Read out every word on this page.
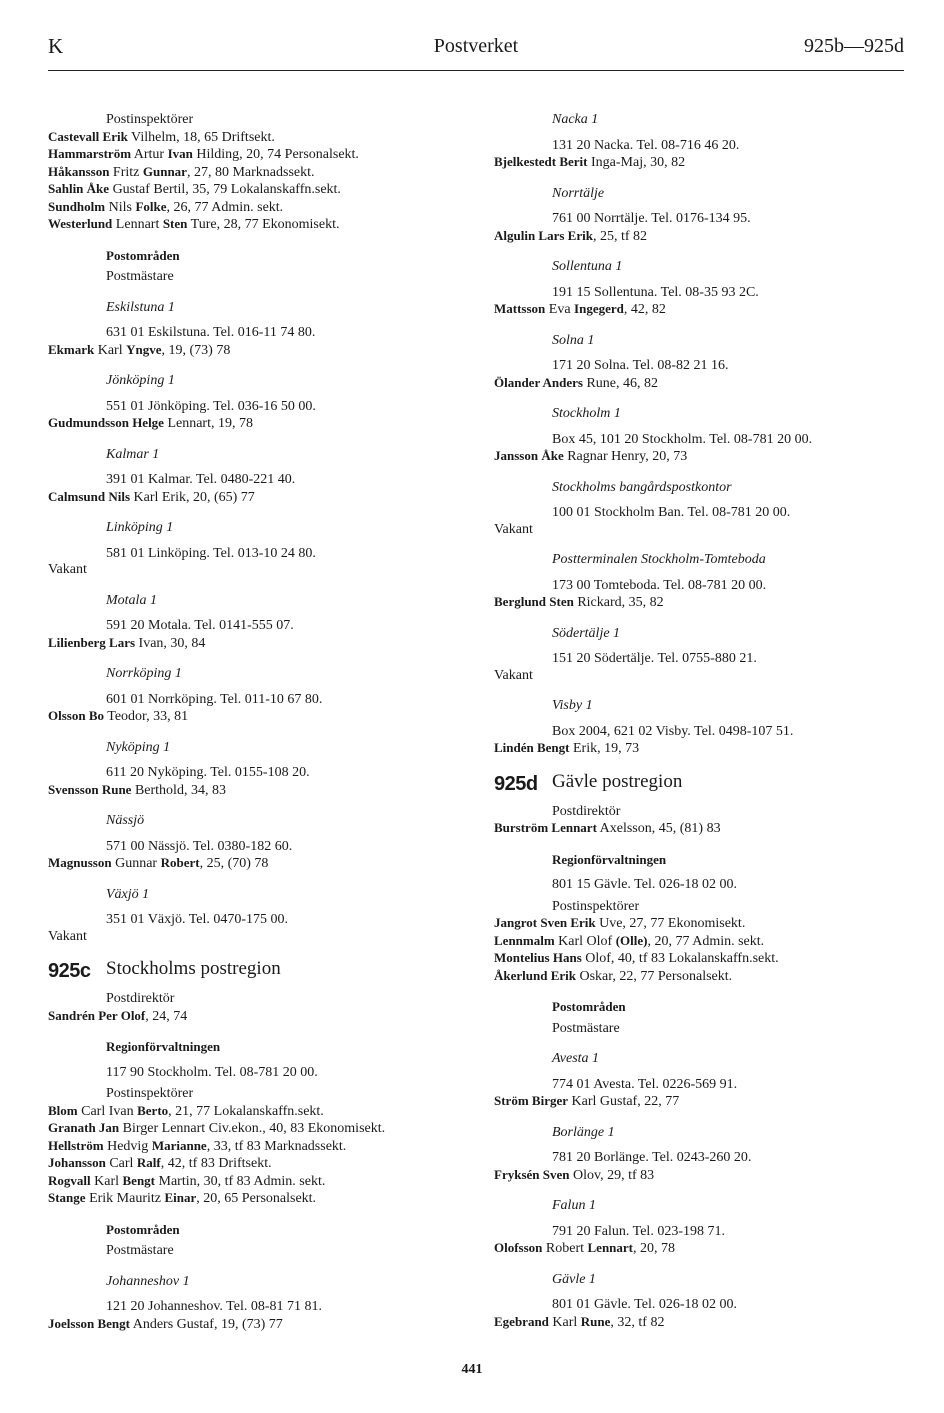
K	Postverket	925b—925d
Postinspektörer
Castevall Erik Vilhelm, 18, 65 Driftsekt.
Hammarström Artur Ivan Hilding, 20, 74 Personalsekt.
Håkansson Fritz Gunnar, 27, 80 Marknadssekt.
Sahlin Åke Gustaf Bertil, 35, 79 Lokalanskaffn.sekt.
Sundholm Nils Folke, 26, 77 Admin. sekt.
Westerlund Lennart Sten Ture, 28, 77 Ekonomisekt.
Postområden
Postmästare
Eskilstuna 1
631 01 Eskilstuna. Tel. 016-11 74 80.
Ekmark Karl Yngve, 19, (73) 78
Jönköping 1
551 01 Jönköping. Tel. 036-16 50 00.
Gudmundsson Helge Lennart, 19, 78
Kalmar 1
391 01 Kalmar. Tel. 0480-221 40.
Calmsund Nils Karl Erik, 20, (65) 77
Linköping 1
581 01 Linköping. Tel. 013-10 24 80.
Vakant
Motala 1
591 20 Motala. Tel. 0141-555 07.
Lilienberg Lars Ivan, 30, 84
Norrköping 1
601 01 Norrköping. Tel. 011-10 67 80.
Olsson Bo Teodor, 33, 81
Nyköping 1
611 20 Nyköping. Tel. 0155-108 20.
Svensson Rune Berthold, 34, 83
Nässjö
571 00 Nässjö. Tel. 0380-182 60.
Magnusson Gunnar Robert, 25, (70) 78
Växjö 1
351 01 Växjö. Tel. 0470-175 00.
Vakant
925c Stockholms postregion
Postdirektör
Sandrén Per Olof, 24, 74
Regionförvaltningen
117 90 Stockholm. Tel. 08-781 20 00.
Postinspektörer
Blom Carl Ivan Berto, 21, 77 Lokalanskaffn.sekt.
Granath Jan Birger Lennart Civ.ekon., 40, 83 Ekonomisekt.
Hellström Hedvig Marianne, 33, tf 83 Marknadssekt.
Johansson Carl Ralf, 42, tf 83 Driftsekt.
Rogvall Karl Bengt Martin, 30, tf 83 Admin. sekt.
Stange Erik Mauritz Einar, 20, 65 Personalsekt.
Postområden
Postmästare
Johanneshov 1
121 20 Johanneshov. Tel. 08-81 71 81.
Joelsson Bengt Anders Gustaf, 19, (73) 77
Nacka 1
131 20 Nacka. Tel. 08-716 46 20.
Bjelkestedt Berit Inga-Maj, 30, 82
Norrtälje
761 00 Norrtälje. Tel. 0176-134 95.
Algulin Lars Erik, 25, tf 82
Sollentuna 1
191 15 Sollentuna. Tel. 08-35 93 2C.
Mattsson Eva Ingegerd, 42, 82
Solna 1
171 20 Solna. Tel. 08-82 21 16.
Ölander Anders Rune, 46, 82
Stockholm 1
Box 45, 101 20 Stockholm. Tel. 08-781 20 00.
Jansson Åke Ragnar Henry, 20, 73
Stockholms bangårdspostkontor
100 01 Stockholm Ban. Tel. 08-781 20 00.
Vakant
Postterminalen Stockholm-Tomteboda
173 00 Tomteboda. Tel. 08-781 20 00.
Berglund Sten Rickard, 35, 82
Södertälje 1
151 20 Södertälje. Tel. 0755-880 21.
Vakant
Visby 1
Box 2004, 621 02 Visby. Tel. 0498-107 51.
Lindén Bengt Erik, 19, 73
925d Gävle postregion
Postdirektör
Burström Lennart Axelsson, 45, (81) 83
Regionförvaltningen
801 15 Gävle. Tel. 026-18 02 00.
Postinspektörer
Jangrot Sven Erik Uve, 27, 77 Ekonomisekt.
Lennmalm Karl Olof (Olle), 20, 77 Admin. sekt.
Montelius Hans Olof, 40, tf 83 Lokalanskaffn.sekt.
Åkerlund Erik Oskar, 22, 77 Personalsekt.
Postområden
Postmästare
Avesta 1
774 01 Avesta. Tel. 0226-569 91.
Ström Birger Karl Gustaf, 22, 77
Borlänge 1
781 20 Borlänge. Tel. 0243-260 20.
Fryksén Sven Olov, 29, tf 83
Falun 1
791 20 Falun. Tel. 023-198 71.
Olofsson Robert Lennart, 20, 78
Gävle 1
801 01 Gävle. Tel. 026-18 02 00.
Egebrand Karl Rune, 32, tf 82
441
